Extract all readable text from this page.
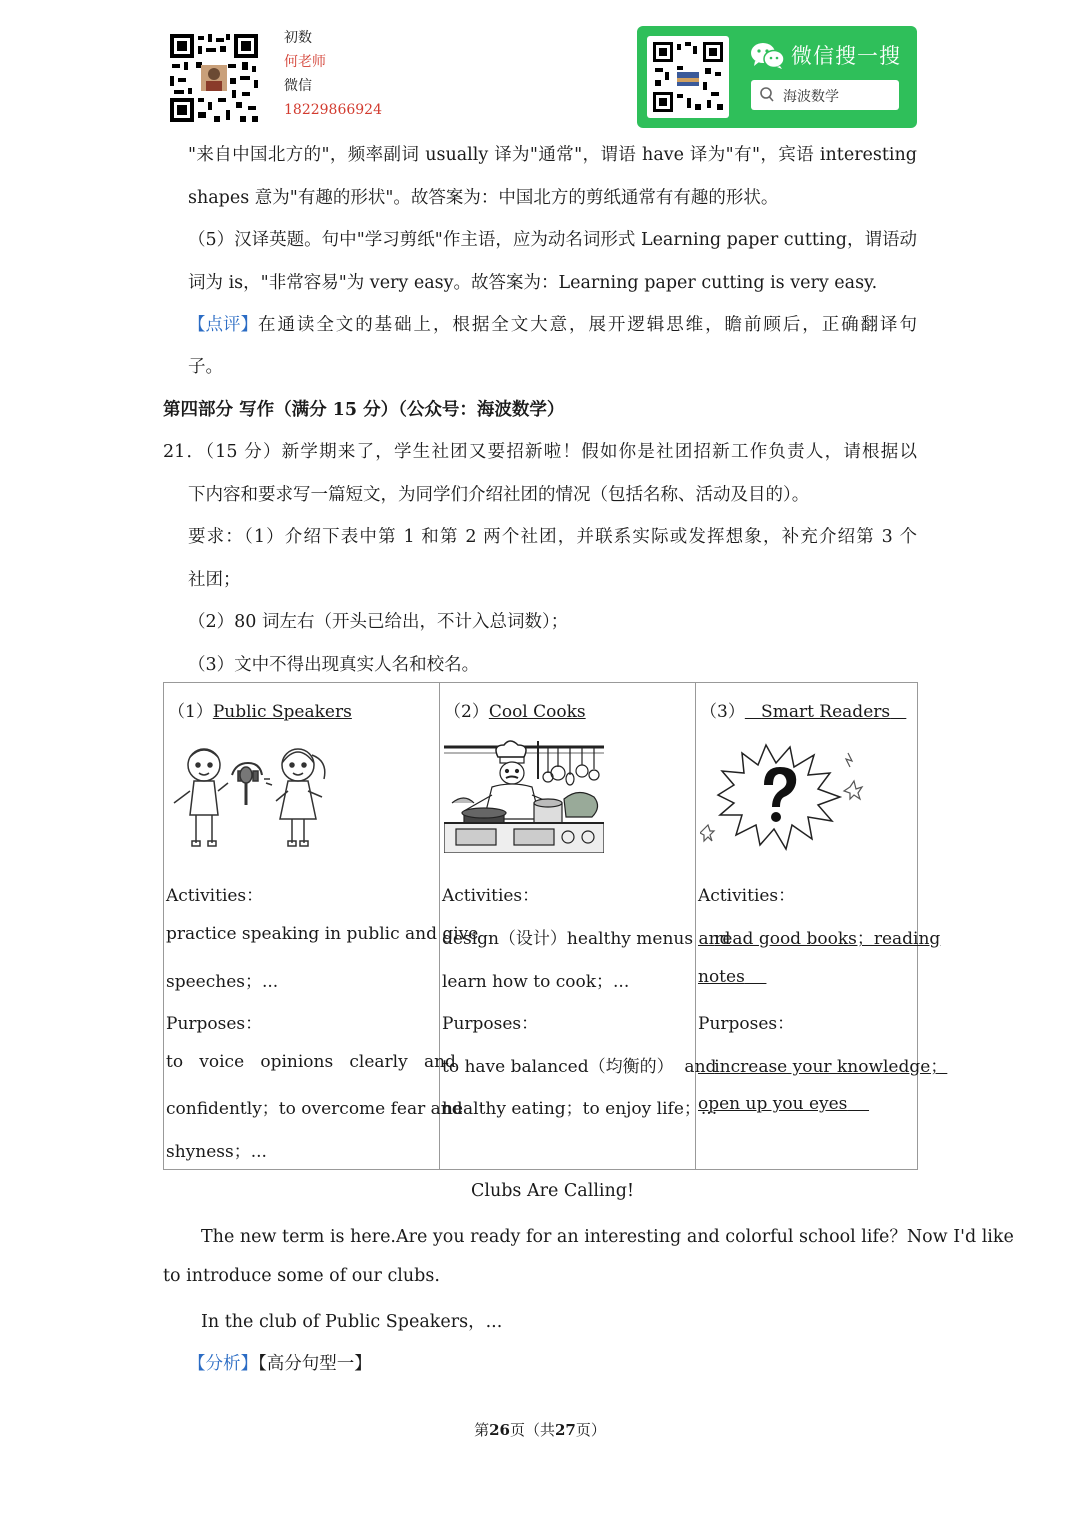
初数
何老师
微信
18229866924
微信搜一搜
海波数学
"来自中国北方的"，频率副词 usually 译为"通常"，谓语 have 译为"有"，宾语 interesting
shapes 意为"有趣的形状"。故答案为：中国北方的剪纸通常有有趣的形状。
（5）汉译英题。句中"学习剪纸"作主语，应为动名词形式 Learning paper cutting，谓语动
词为 is，"非常容易"为 very easy。故答案为：Learning paper cutting is very easy.
【点评】 在通读全文的基础上，根据全文大意，展开逻辑思维，瞻前顾后，正确翻译句
子。
第四部分 写作（满分 15 分）（公众号：海波数学）
21．（15 分）新学期来了，学生社团又要招新啦！假如你是社团招新工作负责人，请根据以
下内容和要求写一篇短文，为同学们介绍社团的情况（包括名称、活动及目的）。
要求：（1）介绍下表中第 1 和第 2 两个社团，并联系实际或发挥想象，补充介绍第 3 个
社团；
（2）80 词左右（开头已给出，不计入总词数）；
（3）文中不得出现真实人名和校名。
（1）Public Speakers
Activities：
practice speaking in public and give
speeches；...
Purposes：
to   voice   opinions   clearly   and
confidently；to overcome fear and
shyness；...

（2）Cool Cooks
Activities：
design（设计）healthy menus and
learn how to cook；...
Purposes：
to have balanced（均衡的）  and
healthy eating；to enjoy life；...

（3） Smart Readers
Activities：
read good books；reading
notes
Purposes：
increase your knowledge；
open up you eyes
Clubs Are Calling!
The new term is here.Are you ready for an interesting and colorful school life？Now I'd like
to introduce some of our clubs.
In the club of Public Speakers，...
【分析】【高分句型一】
第26页（共27页）
